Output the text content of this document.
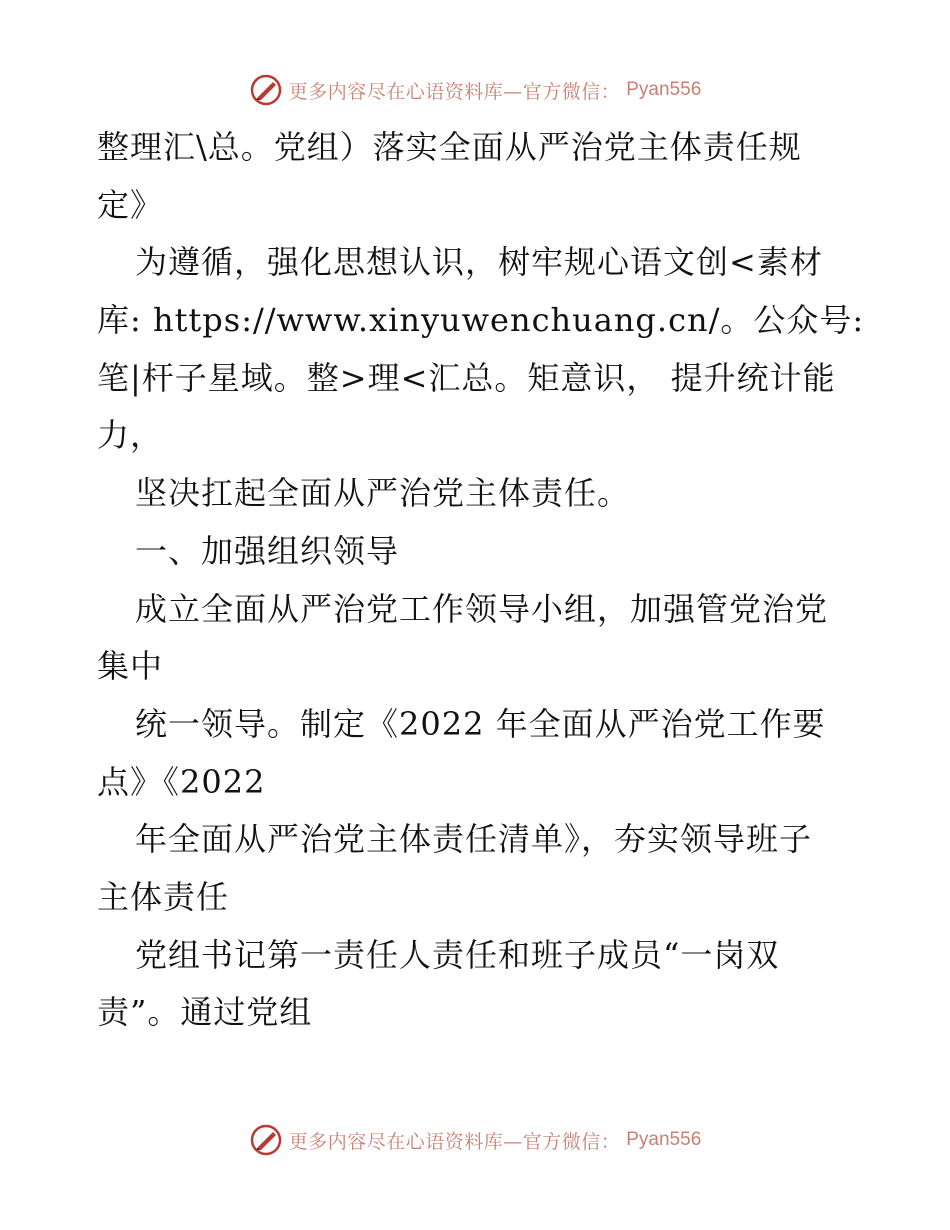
更多内容尽在心语资料库—官方微信： Pyan556
整理汇\总。党组）落实全面从严治党主体责任规
定》
为遵循，强化思想认识，树牢规心语文创<素材
库: https://www.xinyuwenchuang.cn/。公众号:
笔|杆子星域。整>理<汇总。矩意识， 提升统计能
力，
坚决扛起全面从严治党主体责任。
一、加强组织领导
成立全面从严治党工作领导小组，加强管党治党
集中
统一领导。制定《2022 年全面从严治党工作要
点》《2022
年全面从严治党主体责任清单》，夯实领导班子
主体责任
党组书记第一责任人责任和班子成员“一岗双
责”。通过党组
更多内容尽在心语资料库—官方微信： Pyan556
